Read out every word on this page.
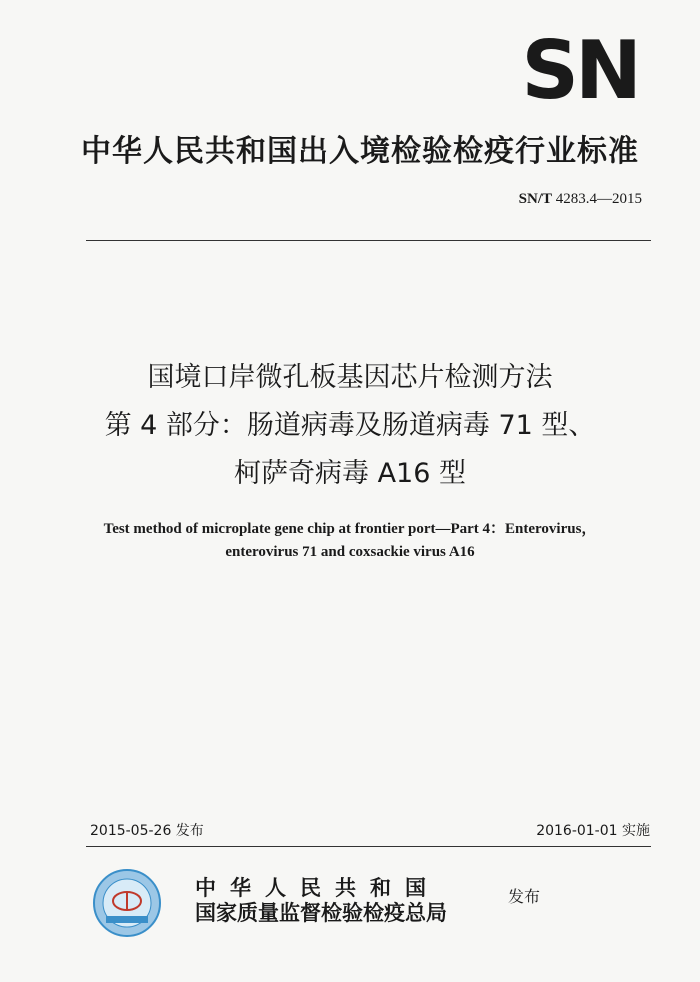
SN
中华人民共和国出入境检验检疫行业标准
SN/T 4283.4—2015
国境口岸微孔板基因芯片检测方法
第 4 部分：肠道病毒及肠道病毒 71 型、
柯萨奇病毒 A16 型
Test method of microplate gene chip at frontier port—Part 4：Enterovirus，
enterovirus 71 and coxsackie virus A16
2015-05-26 发布	2016-01-01 实施
中华人民共和国
国家质量监督检验检疫总局
发布
